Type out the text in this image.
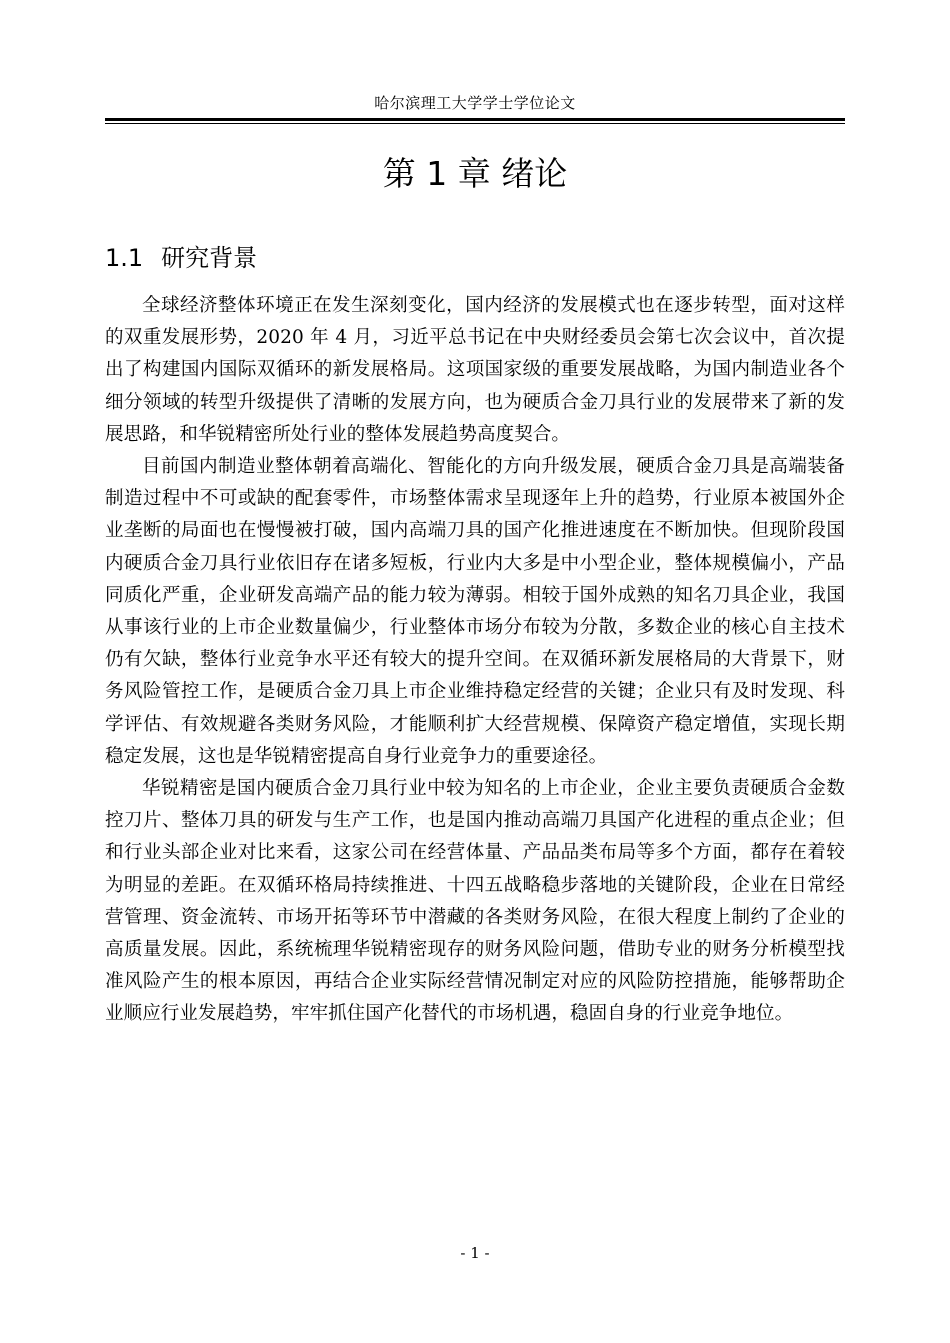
哈尔滨理工大学学士学位论文
第 1 章 绪论
1.1 研究背景

全球经济整体环境正在发生深刻变化，国内经济的发展模式也在逐步转型，面对这样的双重发展形势，2020 年 4 月，习近平总书记在中央财经委员会第七次会议中，首次提出了构建国内国际双循环的新发展格局。这项国家级的重要发展战略，为国内制造业各个细分领域的转型升级提供了清晰的发展方向，也为硬质合金刀具行业的发展带来了新的发展思路，和华锐精密所处行业的整体发展趋势高度契合。

目前国内制造业整体朝着高端化、智能化的方向升级发展，硬质合金刀具是高端装备制造过程中不可或缺的配套零件，市场整体需求呈现逐年上升的趋势，行业原本被国外企业垄断的局面也在慢慢被打破，国内高端刀具的国产化推进速度在不断加快。但现阶段国内硬质合金刀具行业依旧存在诸多短板，行业内大多是中小型企业，整体规模偏小，产品同质化严重，企业研发高端产品的能力较为薄弱。相较于国外成熟的知名刀具企业，我国从事该行业的上市企业数量偏少，行业整体市场分布较为分散，多数企业的核心自主技术仍有欠缺，整体行业竞争水平还有较大的提升空间。在双循环新发展格局的大背景下，财务风险管控工作，是硬质合金刀具上市企业维持稳定经营的关键；企业只有及时发现、科学评估、有效规避各类财务风险，才能顺利扩大经营规模、保障资产稳定增值，实现长期稳定发展，这也是华锐精密提高自身行业竞争力的重要途径。

华锐精密是国内硬质合金刀具行业中较为知名的上市企业，企业主要负责硬质合金数控刀片、整体刀具的研发与生产工作，也是国内推动高端刀具国产化进程的重点企业；但和行业头部企业对比来看，这家公司在经营体量、产品品类布局等多个方面，都存在着较为明显的差距。在双循环格局持续推进、十四五战略稳步落地的关键阶段，企业在日常经营管理、资金流转、市场开拓等环节中潜藏的各类财务风险，在很大程度上制约了企业的高质量发展。因此，系统梳理华锐精密现存的财务风险问题，借助专业的财务分析模型找准风险产生的根本原因，再结合企业实际经营情况制定对应的风险防控措施，能够帮助企业顺应行业发展趋势，牢牢抓住国产化替代的市场机遇，稳固自身的行业竞争地位。

- 1 -
